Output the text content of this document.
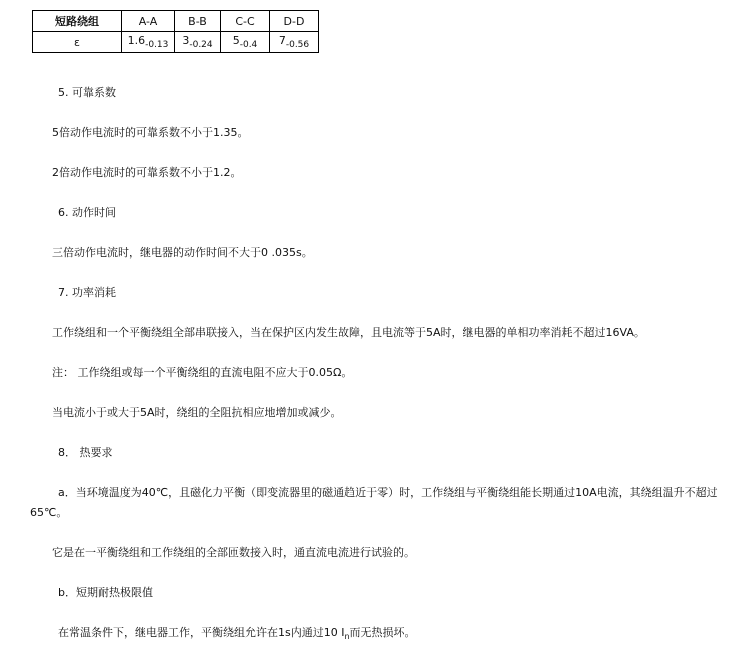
短路绕组	A-A	B-B	C-C	D-D
ε	$1.6_{-0.13}$	$3_{-0.24}$	$5_{-0.4}$	$7_{-0.56}$

5. 可靠系数

5倍动作电流时的可靠系数不小于1.35。

2倍动作电流时的可靠系数不小于1.2。

6. 动作时间

三倍动作电流时，继电器的动作时间不大于0 .035s。

7. 功率消耗

工作绕组和一个平衡绕组全部串联接入，当在保护区内发生故障，且电流等于5A时，继电器的单相功率消耗不超过16VA。

注： 工作绕组或每一个平衡绕组的直流电阻不应大于0.05Ω。

当电流小于或大于5A时，绕组的全阻抗相应地增加或减少。

8． 热要求

a．当环境温度为40℃，且磁化力平衡（即变流器里的磁通趋近于零）时，工作绕组与平衡绕组能长期通过10A电流，其绕组温升不超过65℃。

它是在一平衡绕组和工作绕组的全部匝数接入时，通直流电流进行试验的。

b．短期耐热极限值

在常温条件下，继电器工作，平衡绕组允许在1s内通过10 $I_n$而无热损坏。
